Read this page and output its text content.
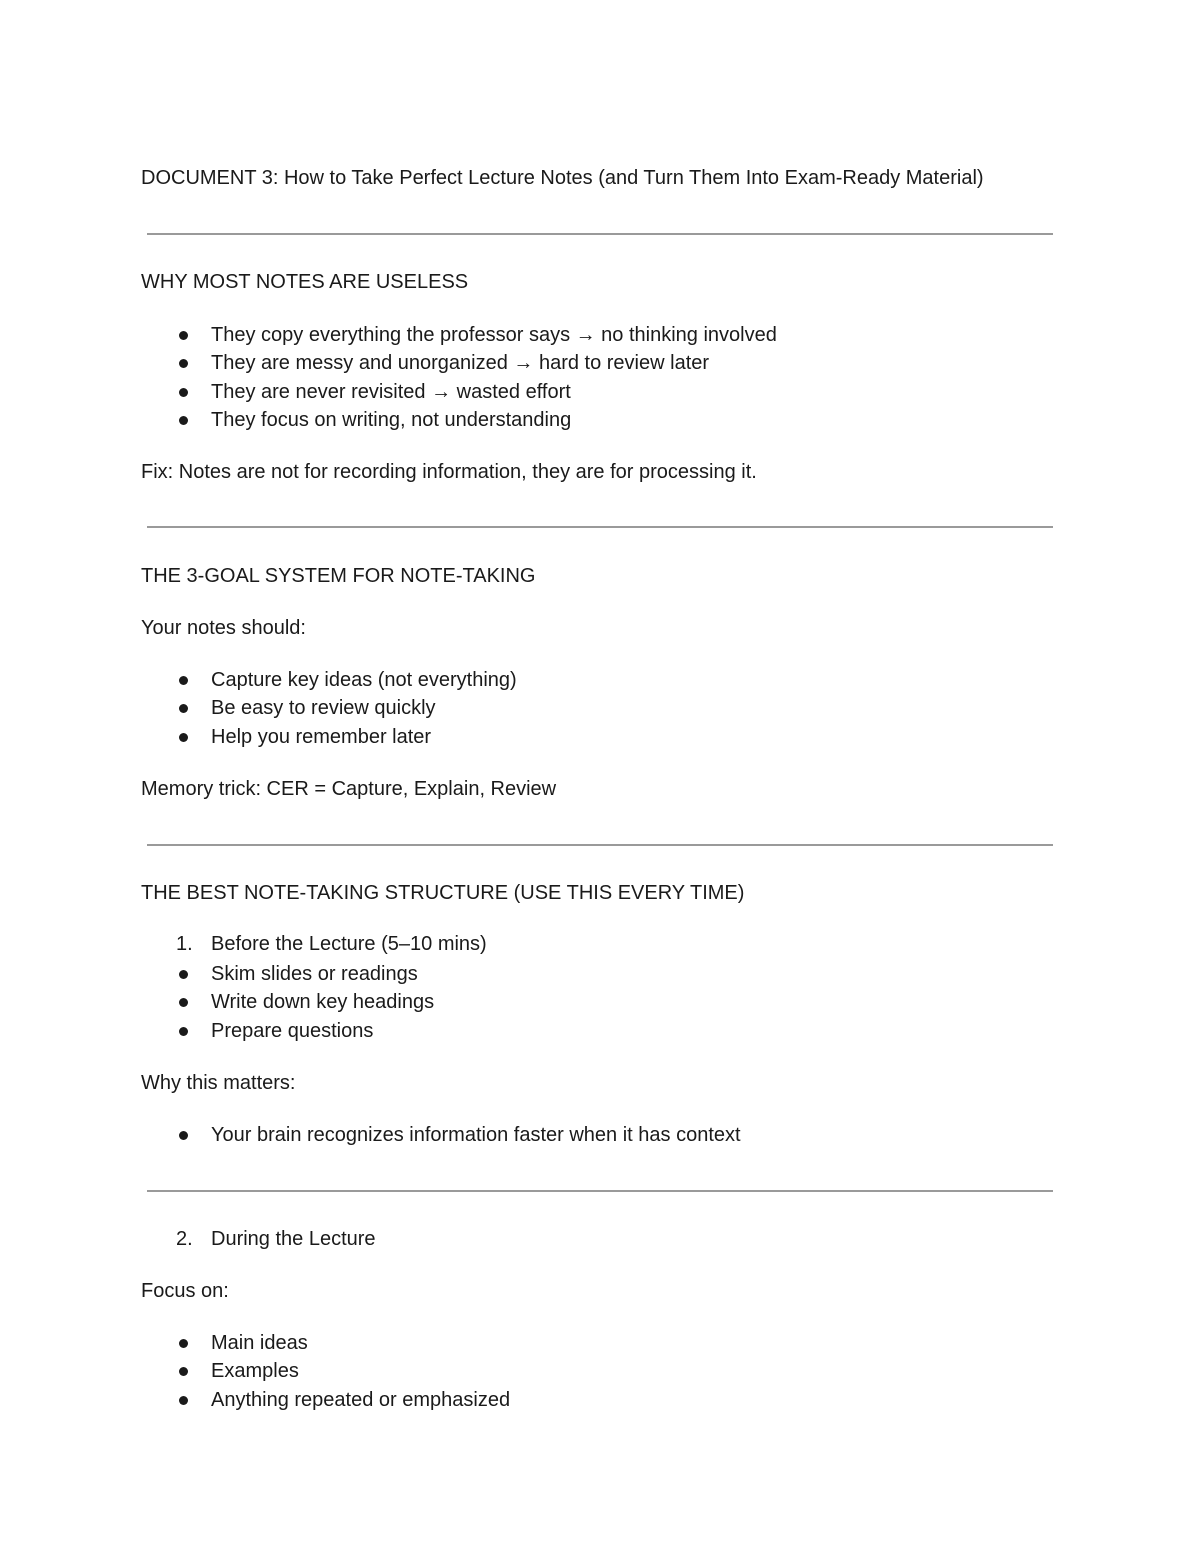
DOCUMENT 3: How to Take Perfect Lecture Notes (and Turn Them Into Exam-Ready Material)
WHY MOST NOTES ARE USELESS
They copy everything the professor says → no thinking involved
They are messy and unorganized → hard to review later
They are never revisited → wasted effort
They focus on writing, not understanding
Fix: Notes are not for recording information, they are for processing it.
THE 3-GOAL SYSTEM FOR NOTE-TAKING
Your notes should:
Capture key ideas (not everything)
Be easy to review quickly
Help you remember later
Memory trick: CER = Capture, Explain, Review
THE BEST NOTE-TAKING STRUCTURE (USE THIS EVERY TIME)
1. Before the Lecture (5–10 mins)
Skim slides or readings
Write down key headings
Prepare questions
Why this matters:
Your brain recognizes information faster when it has context
2. During the Lecture
Focus on:
Main ideas
Examples
Anything repeated or emphasized
